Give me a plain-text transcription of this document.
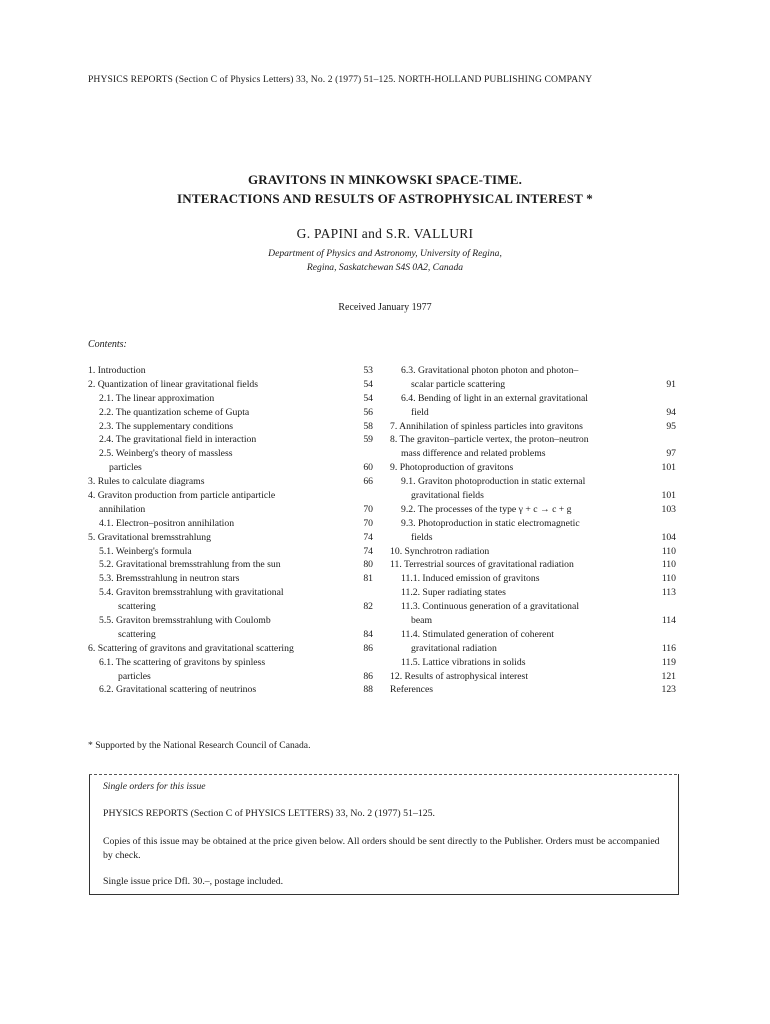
PHYSICS REPORTS (Section C of Physics Letters) 33, No. 2 (1977) 51–125. NORTH-HOLLAND PUBLISHING COMPANY
GRAVITONS IN MINKOWSKI SPACE-TIME.
INTERACTIONS AND RESULTS OF ASTROPHYSICAL INTEREST *
G. PAPINI and S.R. VALLURI
Department of Physics and Astronomy, University of Regina,
Regina, Saskatchewan S4S 0A2, Canada
Received January 1977
Contents:
1. Introduction	53
2. Quantization of linear gravitational fields	54
2.1. The linear approximation	54
2.2. The quantization scheme of Gupta	56
2.3. The supplementary conditions	58
2.4. The gravitational field in interaction	59
2.5. Weinberg's theory of massless
particles	60
3. Rules to calculate diagrams	66
4. Graviton production from particle antiparticle
annihilation	70
4.1. Electron–positron annihilation	70
5. Gravitational bremsstrahlung	74
5.1. Weinberg's formula	74
5.2. Gravitational bremsstrahlung from the sun	80
5.3. Bremsstrahlung in neutron stars	81
5.4. Graviton bremsstrahlung with gravitational
scattering	82
5.5. Graviton bremsstrahlung with Coulomb
scattering	84
6. Scattering of gravitons and gravitational scattering	86
6.1. The scattering of gravitons by spinless
particles	86
6.2. Gravitational scattering of neutrinos	88
6.3. Gravitational photon photon and photon–
scalar particle scattering	91
6.4. Bending of light in an external gravitational
field	94
7. Annihilation of spinless particles into gravitons	95
8. The graviton–particle vertex, the proton–neutron
mass difference and related problems	97
9. Photoproduction of gravitons	101
9.1. Graviton photoproduction in static external
gravitational fields	101
9.2. The processes of the type γ + c → c + g	103
9.3. Photoproduction in static electromagnetic
fields	104
10. Synchrotron radiation	110
11. Terrestrial sources of gravitational radiation	110
11.1. Induced emission of gravitons	110
11.2. Super radiating states	113
11.3. Continuous generation of a gravitational
beam	114
11.4. Stimulated generation of coherent
gravitational radiation	116
11.5. Lattice vibrations in solids	119
12. Results of astrophysical interest	121
References	123
* Supported by the National Research Council of Canada.
Single orders for this issue
PHYSICS REPORTS (Section C of PHYSICS LETTERS) 33, No. 2 (1977) 51–125.
Copies of this issue may be obtained at the price given below. All orders should be sent directly to the Publisher. Orders must be accompanied by check.
Single issue price Dfl. 30.–, postage included.
